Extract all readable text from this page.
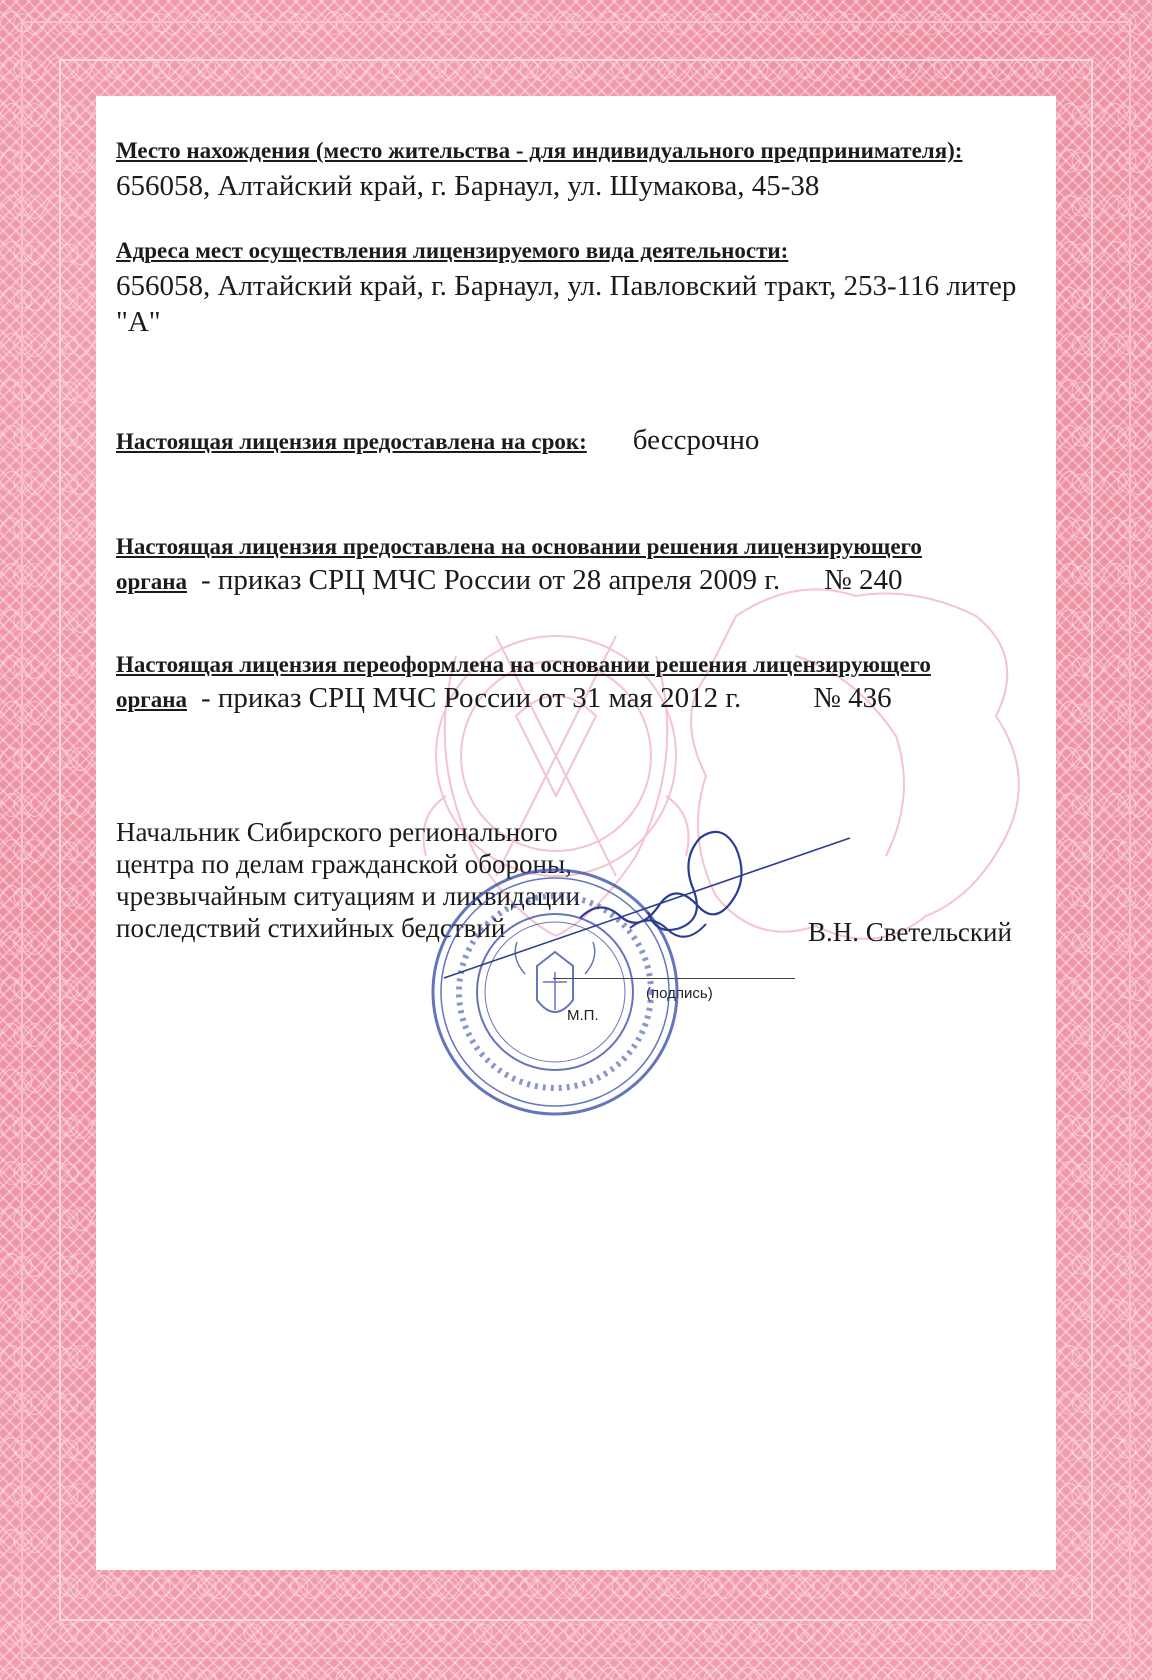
Место нахождения (место жительства - для индивидуального предпринимателя):
656058, Алтайский край, г. Барнаул, ул. Шумакова, 45-38
Адреса мест осуществления лицензируемого вида деятельности:
656058, Алтайский край, г. Барнаул, ул. Павловский тракт, 253-116 литер
"А"
Настоящая лицензия предоставлена на срок: бессрочно
Настоящая лицензия предоставлена на основании решения лицензирующего
органа - приказ СРЦ МЧС России от 28 апреля 2009 г. № 240
Настоящая лицензия переоформлена на основании решения лицензирующего
органа - приказ СРЦ МЧС России от 31 мая 2012 г. № 436
Начальник Сибирского регионального
центра по делам гражданской обороны,
чрезвычайным ситуациям и ликвидации
последствий стихийных бедствий	В.Н. Светельский
(подпись)
М.П.
